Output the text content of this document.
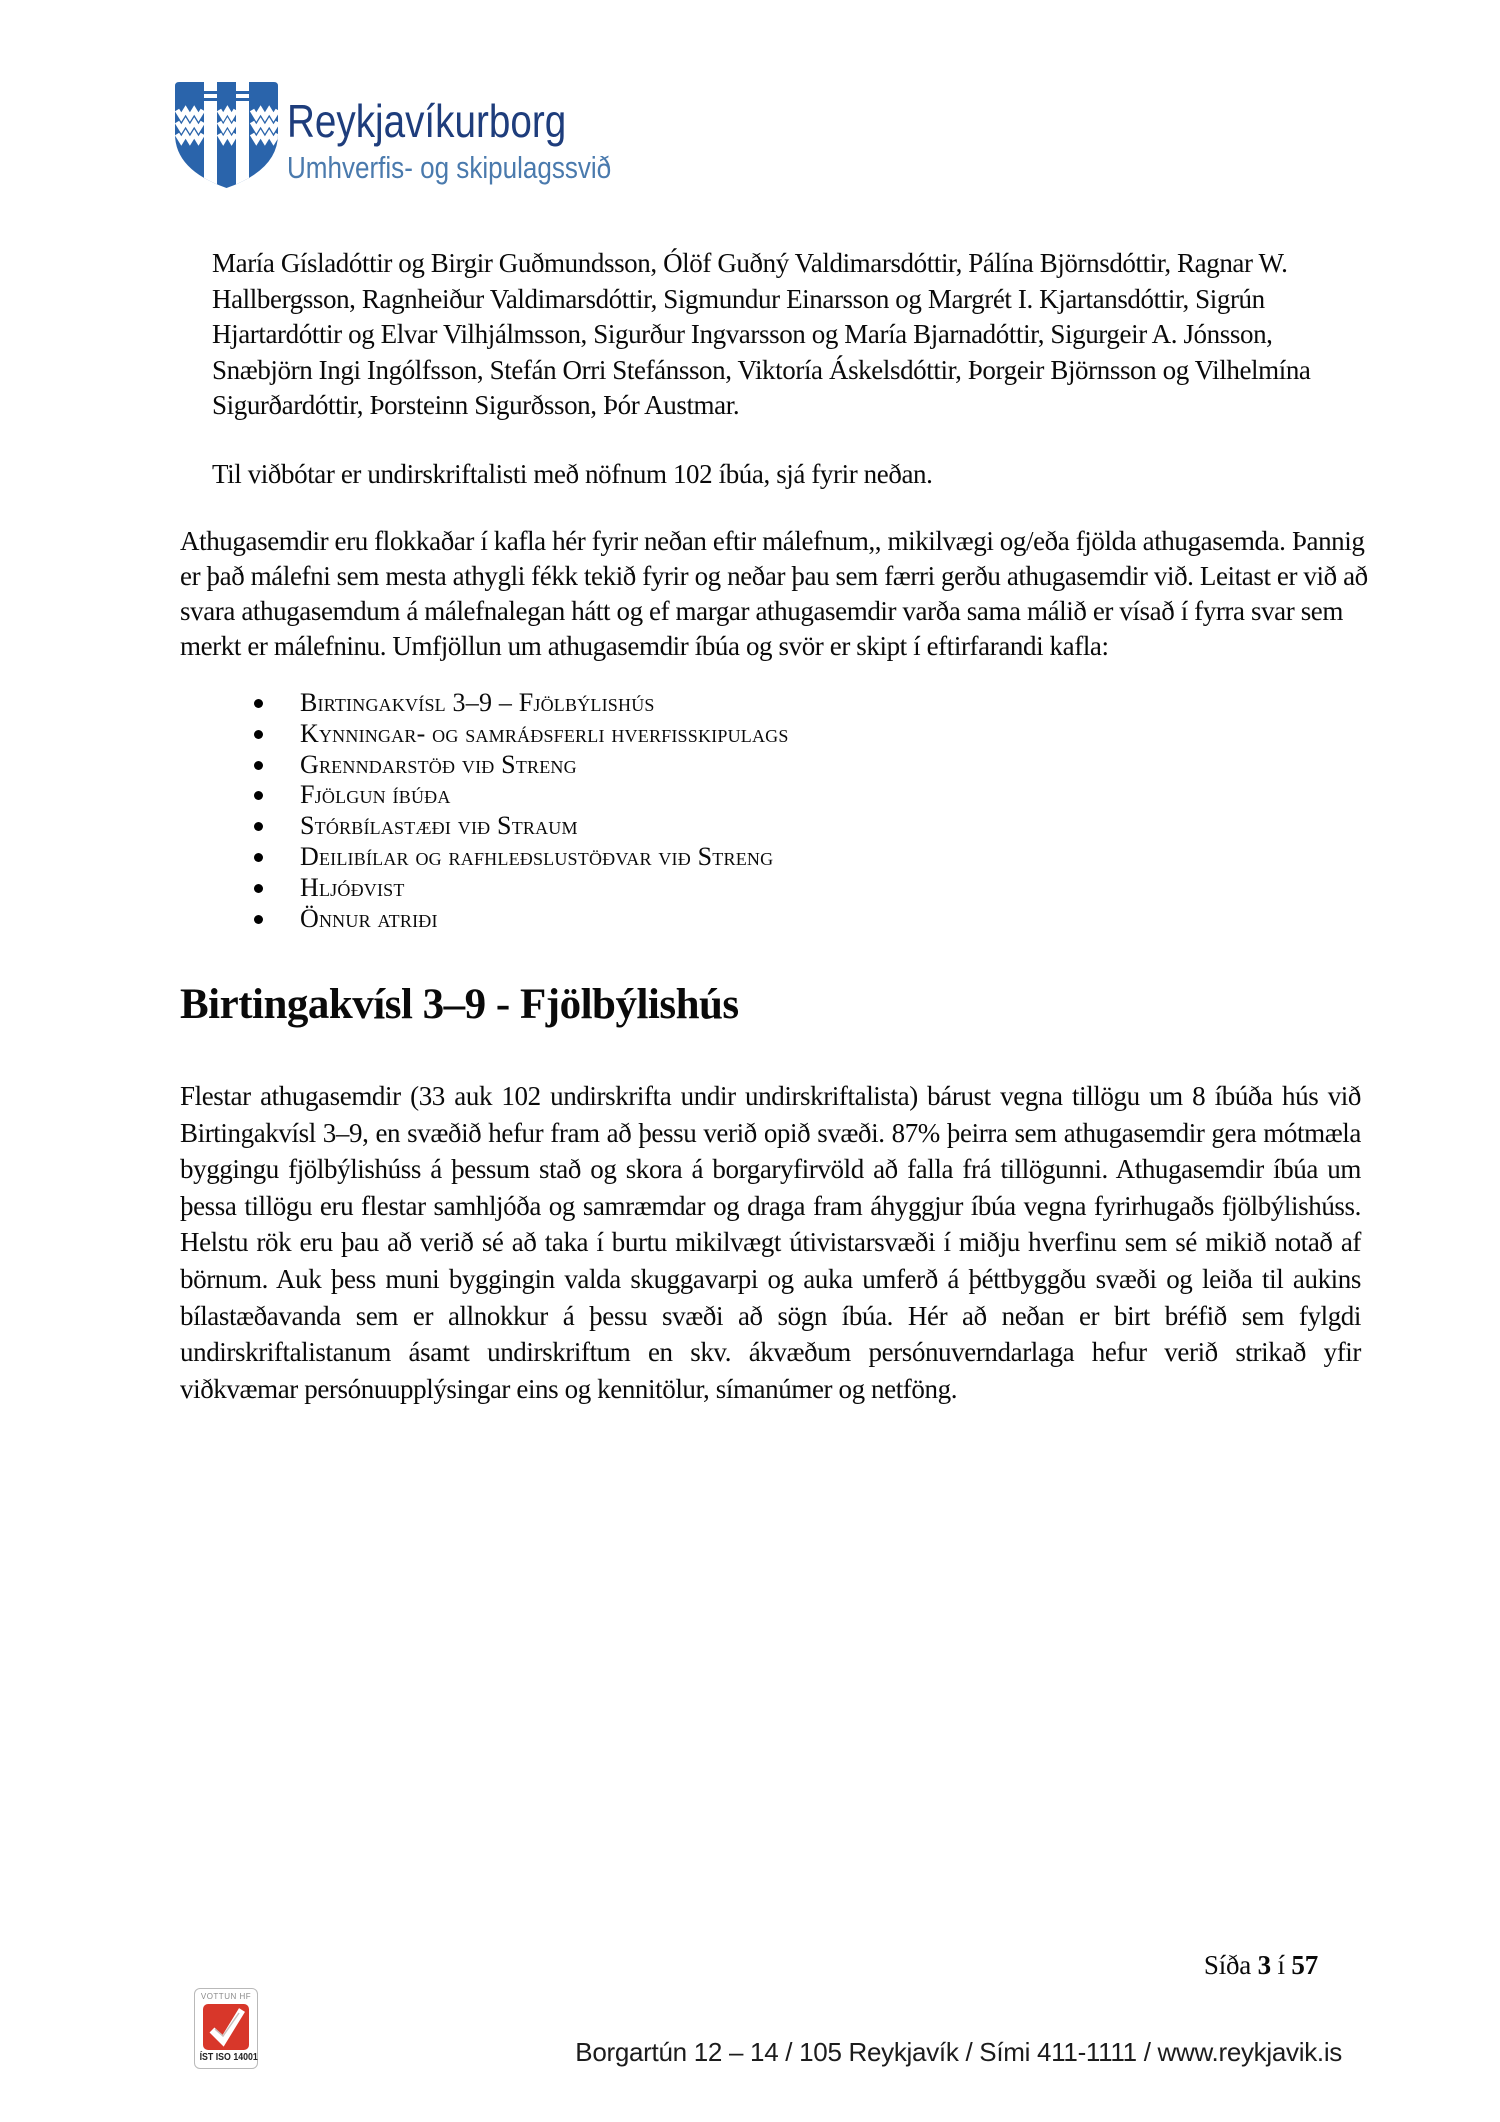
Reykjavíkurborg
Umhverfis- og skipulagssvið

María Gísladóttir og Birgir Guðmundsson, Ólöf Guðný Valdimarsdóttir, Pálína Björnsdóttir, Ragnar W. Hallbergsson, Ragnheiður Valdimarsdóttir, Sigmundur Einarsson og Margrét I. Kjartansdóttir, Sigrún Hjartardóttir og Elvar Vilhjálmsson, Sigurður Ingvarsson og María Bjarnadóttir, Sigurgeir A. Jónsson, Snæbjörn Ingi Ingólfsson, Stefán Orri Stefánsson, Viktoría Áskelsdóttir, Þorgeir Björnsson og Vilhelmína Sigurðardóttir, Þorsteinn Sigurðsson, Þór Austmar.

Til viðbótar er undirskriftalisti með nöfnum 102 íbúa, sjá fyrir neðan.

Athugasemdir eru flokkaðar í kafla hér fyrir neðan eftir málefnum,, mikilvægi og/eða fjölda athugasemda. Þannig er það málefni sem mesta athygli fékk tekið fyrir og neðar þau sem færri gerðu athugasemdir við. Leitast er við að svara athugasemdum á málefnalegan hátt og ef margar athugasemdir varða sama málið er vísað í fyrra svar sem merkt er málefninu. Umfjöllun um athugasemdir íbúa og svör er skipt í eftirfarandi kafla:

Birtingakvísl 3–9 – Fjölbýlishús
Kynningar- og samráðsferli hverfisskipulags
Grenndarstöð við Streng
Fjölgun íbúða
Stórbílastæði við Straum
Deilibílar og rafhleðslustöðvar við Streng
Hljóðvist
Önnur atriði
Birtingakvísl 3–9 - Fjölbýlishús

Flestar athugasemdir (33 auk 102 undirskrifta undir undirskriftalista) bárust vegna tillögu um 8 íbúða hús við Birtingakvísl 3–9, en svæðið hefur fram að þessu verið opið svæði. 87% þeirra sem athugasemdir gera mótmæla byggingu fjölbýlishúss á þessum stað og skora á borgaryfirvöld að falla frá tillögunni. Athugasemdir íbúa um þessa tillögu eru flestar samhljóða og samræmdar og draga fram áhyggjur íbúa vegna fyrirhugaðs fjölbýlishúss. Helstu rök eru þau að verið sé að taka í burtu mikilvægt útivistarsvæði í miðju hverfinu sem sé mikið notað af börnum. Auk þess muni byggingin valda skuggavarpi og auka umferð á þéttbyggðu svæði og leiða til aukins bílastæðavanda sem er allnokkur á þessu svæði að sögn íbúa. Hér að neðan er birt bréfið sem fylgdi undirskriftalistanum ásamt undirskriftum en skv. ákvæðum persónuverndarlaga hefur verið strikað yfir viðkvæmar persónuupplýsingar eins og kennitölur, símanúmer og netföng.

Síða 3 í 57
VOTTUN HF
ÍST ISO 14001	Borgartún 12 – 14 / 105 Reykjavík / Sími 411-1111 / www.reykjavik.is
